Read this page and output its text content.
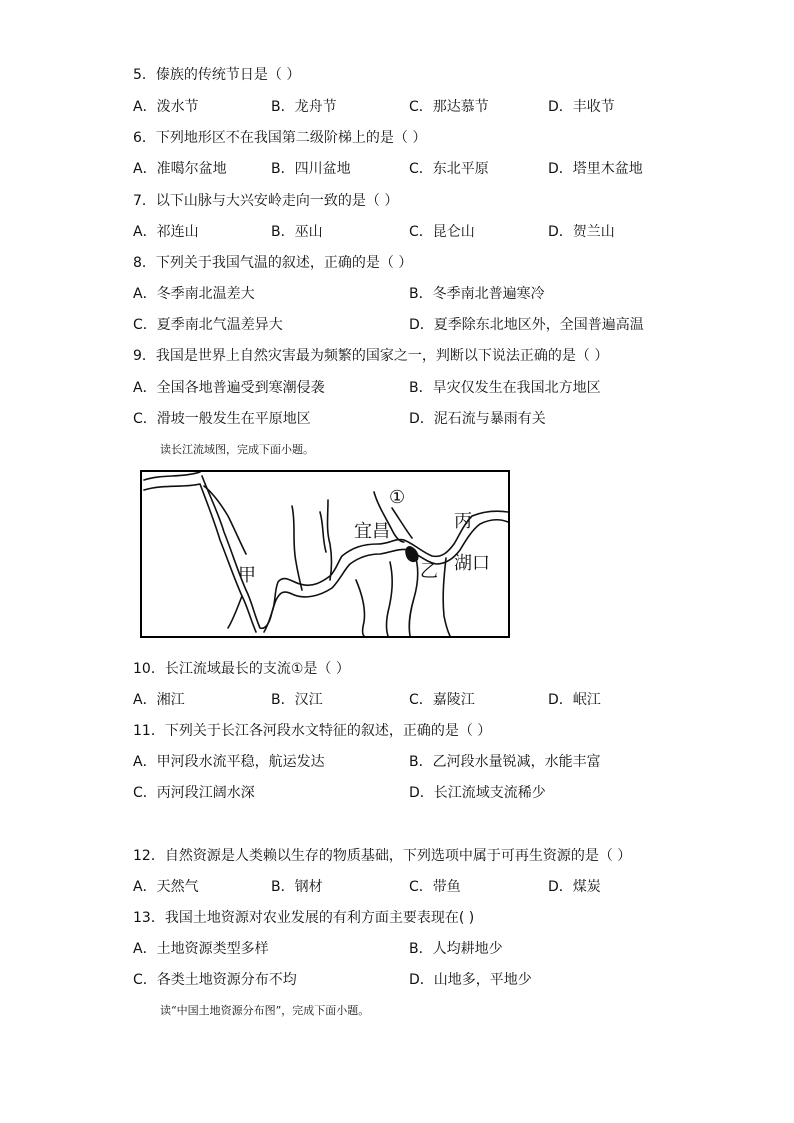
5．傣族的传统节日是（ ）
A．泼水节	B．龙舟节	C．那达慕节	D．丰收节
6．下列地形区不在我国第二级阶梯上的是（ ）
A．准噶尔盆地	B．四川盆地	C．东北平原	D．塔里木盆地
7．以下山脉与大兴安岭走向一致的是（ ）
A．祁连山	B．巫山	C．昆仑山	D．贺兰山
8．下列关于我国气温的叙述，正确的是（ ）
A．冬季南北温差大	B．冬季南北普遍寒冷
C．夏季南北气温差异大	D．夏季除东北地区外，全国普遍高温
9．我国是世界上自然灾害最为频繁的国家之一，判断以下说法正确的是（ ）
A．全国各地普遍受到寒潮侵袭	B．旱灾仅发生在我国北方地区
C．滑坡一般发生在平原地区	D．泥石流与暴雨有关
读长江流域图，完成下面小题。
①
宜昌	丙
甲	乙 湖口
10．长江流域最长的支流①是（ ）
A．湘江	B．汉江	C．嘉陵江	D．岷江
11．下列关于长江各河段水文特征的叙述，正确的是（ ）
A．甲河段水流平稳，航运发达	B．乙河段水量锐减，水能丰富
C．丙河段江阔水深	D．长江流域支流稀少
12．自然资源是人类赖以生存的物质基础，下列选项中属于可再生资源的是（ ）
A．天然气	B．钢材	C．带鱼	D．煤炭
13．我国土地资源对农业发展的有利方面主要表现在( )
A．土地资源类型多样	B．人均耕地少
C．各类土地资源分布不均	D．山地多，平地少
读“中国土地资源分布图”，完成下面小题。
